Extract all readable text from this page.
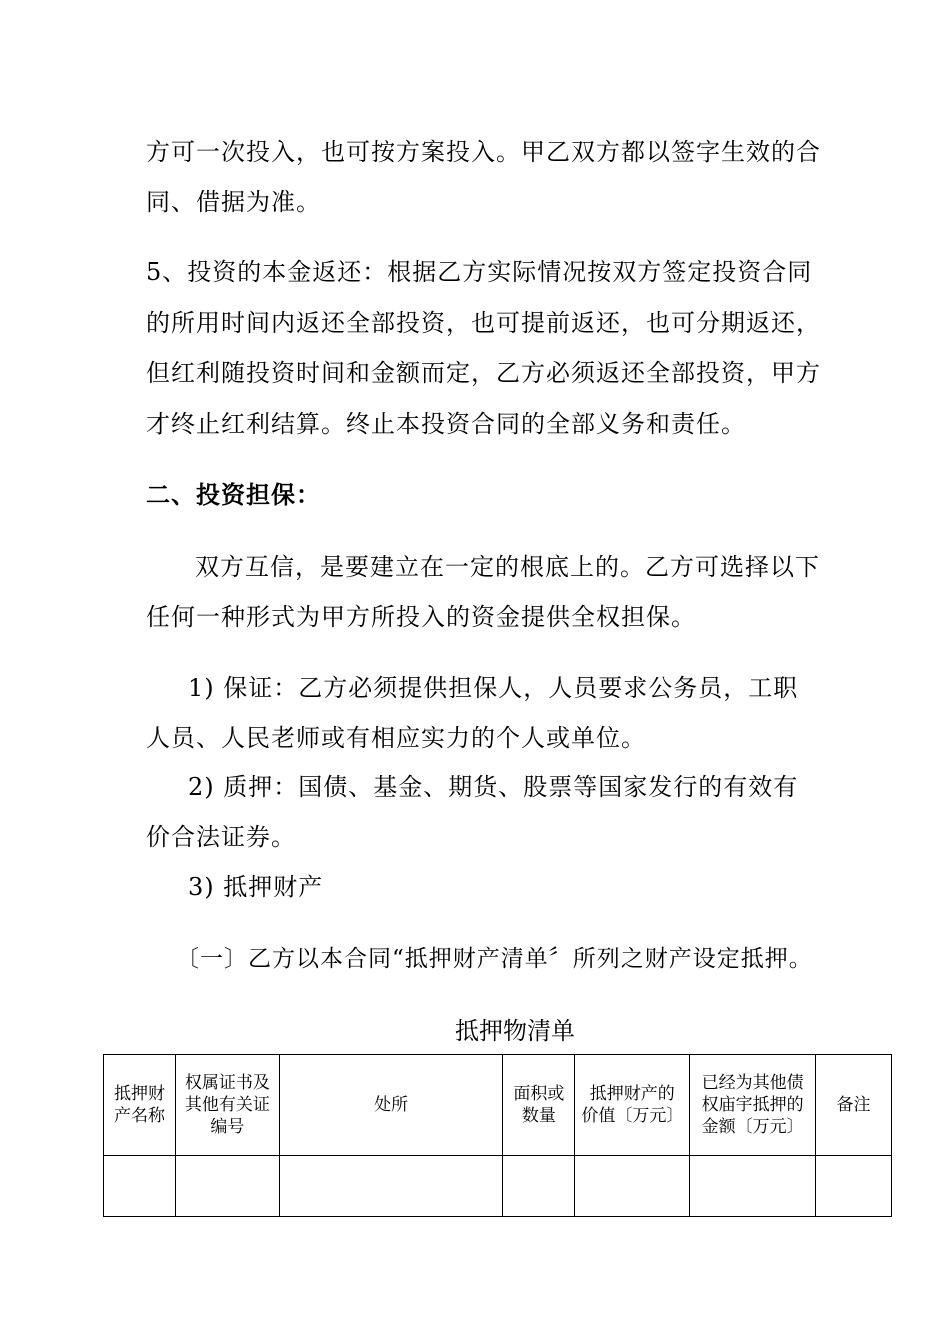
方可一次投入，也可按方案投入。甲乙双方都以签字生效的合
同、借据为准。
5、投资的本金返还：根据乙方实际情况按双方签定投资合同
的所用时间内返还全部投资，也可提前返还，也可分期返还，
但红利随投资时间和金额而定，乙方必须返还全部投资，甲方
才终止红利结算。终止本投资合同的全部义务和责任。
二、投资担保：
双方互信，是要建立在一定的根底上的。乙方可选择以下
任何一种形式为甲方所投入的资金提供全权担保。
1) 保证：乙方必须提供担保人，人员要求公务员，工职
人员、人民老师或有相应实力的个人或单位。
2) 质押：国债、基金、期货、股票等国家发行的有效有
价合法证券。
3) 抵押财产
〔一〕乙方以本合同“抵押财产清单〞所列之财产设定抵押。
抵押物清单
抵押财产名称	权属证书及其他有关证编号	处所	面积或数量	抵押财产的价值〔万元〕	已经为其他债权庙宇抵押的金额〔万元〕	备注
